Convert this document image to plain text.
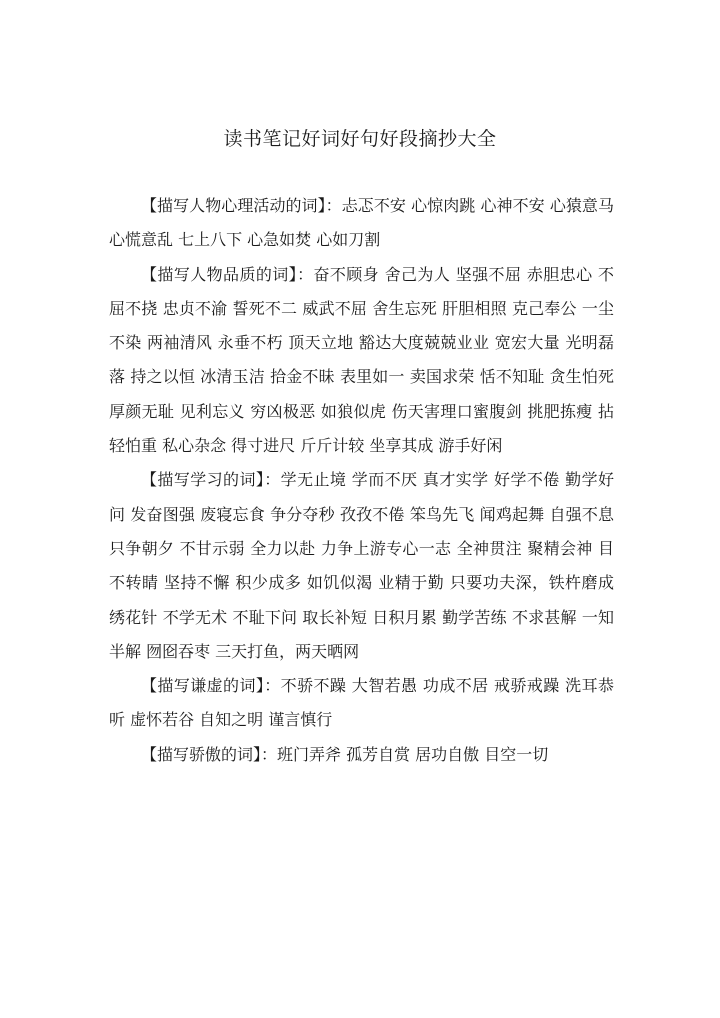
读书笔记好词好句好段摘抄大全

【描写人物心理活动的词】：忐忑不安 心惊肉跳 心神不安 心猿意马 心慌意乱 七上八下 心急如焚 心如刀割

【描写人物品质的词】：奋不顾身 舍己为人 坚强不屈 赤胆忠心 不屈不挠 忠贞不渝 誓死不二 威武不屈 舍生忘死 肝胆相照 克己奉公 一尘不染 两袖清风 永垂不朽 顶天立地 豁达大度兢兢业业 宽宏大量 光明磊落 持之以恒 冰清玉洁 拾金不昧 表里如一 卖国求荣 恬不知耻 贪生怕死 厚颜无耻 见利忘义 穷凶极恶 如狼似虎 伤天害理口蜜腹剑 挑肥拣瘦 拈轻怕重 私心杂念 得寸进尺 斤斤计较 坐享其成 游手好闲

【描写学习的词】：学无止境 学而不厌 真才实学 好学不倦 勤学好问 发奋图强 废寝忘食 争分夺秒 孜孜不倦 笨鸟先飞 闻鸡起舞 自强不息 只争朝夕 不甘示弱 全力以赴 力争上游专心一志 全神贯注 聚精会神 目不转睛 坚持不懈 积少成多 如饥似渴 业精于勤 只要功夫深，铁杵磨成绣花针 不学无术 不耻下问 取长补短 日积月累 勤学苦练 不求甚解 一知半解 囫囵吞枣 三天打鱼，两天晒网

【描写谦虚的词】：不骄不躁 大智若愚 功成不居 戒骄戒躁 洗耳恭听 虚怀若谷 自知之明 谨言慎行

【描写骄傲的词】：班门弄斧 孤芳自赏 居功自傲 目空一切
